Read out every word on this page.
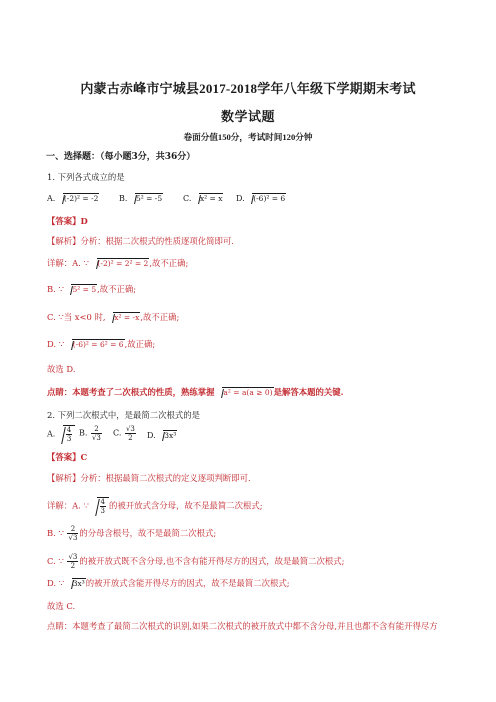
内蒙古赤峰市宁城县2017-2018学年八年级下学期期末考试
数学试题
卷面分值150分，考试时间120分钟
一、选择题：（每小题3分，共36分）
1. 下列各式成立的是
A. (-2)² = -2	B. 5² = -5	C. x² = x D. (-6)² = 6
【答案】D
【解析】分析：根据二次根式的性质逐项化简即可.
详解：A. ∵ (-2)² = 2² = 2,故不正确;
B. ∵ 5² = 5,故不正确;
C. ∵当 x<0 时, x² = -x,故不正确;
D. ∵ (-6)² = 6² = 6,故正确;
故选 D.
点睛：本题考查了二次根式的性质，熟练掌握 a² = a(a ≥ 0)是解答本题的关键.
2. 下列二次根式中，是最简二次根式的是
A. $\frac{4}{3} B$. $\frac{2}{√3} C$. $\frac{√3}{2} D$. 3x³
【答案】C
【解析】分析：根据最简二次根式的定义逐项判断即可.
详解：A. ∵ $\frac{4}{3}$ 的被开放式含分母，故不是最简二次根式;
B. ∵ $\frac{2}{√3}$ 的分母含根号，故不是最简二次根式;
C. ∵ $\frac{√3}{2}$ 的被开放式既不含分母,也不含有能开得尽方的因式，故是最简二次根式;
D. ∵ 3x³的被开放式含能开得尽方的因式，故不是最简二次根式;
故选 C.
点睛：本题考查了最简二次根式的识别,如果二次根式的被开放式中都不含分母,并且也都不含有能开得尽方
